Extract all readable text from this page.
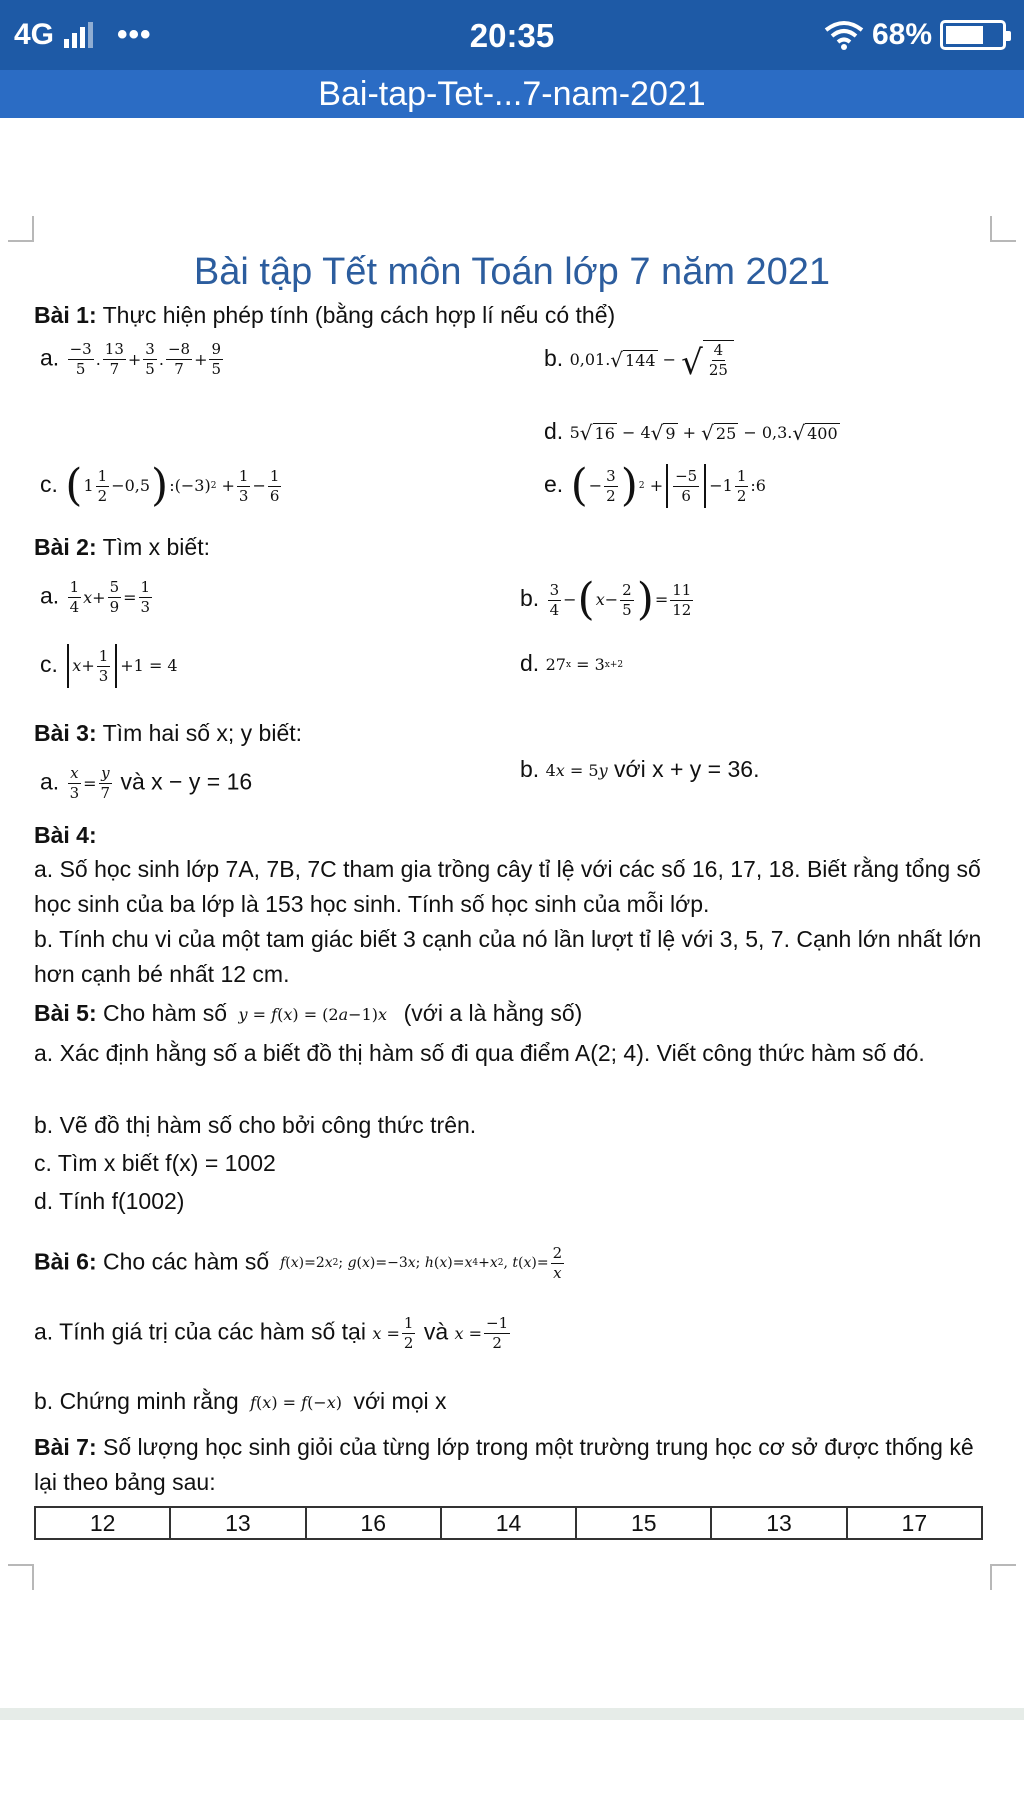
4G •••	20:35	68%
Bai-tap-Tet-...7-nam-2021
Bài tập Tết môn Toán lớp 7 năm 2021
Bài 1: Thực hiện phép tính (bằng cách hợp lí nếu có thể)
a. $\frac{-3}{5}$ . $\frac{13}{7} + \frac{3}{5}$ . $\frac{-8}{7} + \frac{9}{5}$	b. 0,01. √ 144 − √ $\frac{4}{25}$
d. 5 √ 16 − 4 √ 9 + √ 25 − 0,3. √ 400
c. ( $1 \frac{1}{2} -0,5$ ) :(−3) $2 + \frac{1}{3} - \frac{1}{6}$	e. ( − $\frac{3}{2}$ ) $2 + \frac{-5}{6} -1 \frac{1}{2}$ :6
Bài 2: Tìm x biết:
a. $\frac{1}{4}$ $x + \frac{5}{9} = \frac{1}{3}$	b. $\frac{3}{4}$ − ( $x - \frac{2}{5}$ ) = $\frac{11}{12}$
c. $x + \frac{1}{3} +1 = 4$	d. 27 x = 3 x+2
Bài 3: Tìm hai số x; y biết:
a. $\frac{x}{3} = \frac{y}{7}$ và x − y = 16	b. 4 x = 5 y với x + y = 36.
Bài 4:
a. Số học sinh lớp 7A, 7B, 7C tham gia trồng cây tỉ lệ với các số 16, 17, 18. Biết rằng tổng số học sinh của ba lớp là 153 học sinh. Tính số học sinh của mỗi lớp.
b. Tính chu vi của một tam giác biết 3 cạnh của nó lần lượt tỉ lệ với 3, 5, 7. Cạnh lớn nhất lớn hơn cạnh bé nhất 12 cm.
Bài 5: Cho hàm số y = f ( x ) = (2 a −1) x (với a là hằng số)
a. Xác định hằng số a biết đồ thị hàm số đi qua điểm A(2; 4). Viết công thức hàm số đó.
b. Vẽ đồ thị hàm số cho bởi công thức trên.
c. Tìm x biết f(x) = 1002
d. Tính f(1002)
Bài 6: Cho các hàm số f ( x )=2 x 2 ; g ( x )=−3 x ; h ( x )= x 4 + x 2 , t ( x )= $\frac{2}{x}$
a. Tính giá trị của các hàm số tại $x = \frac{1}{2}$ và $x = \frac{-1}{2}$
b. Chứng minh rằng f ( x ) = f (− x )  với mọi x
Bài 7: Số lượng học sinh giỏi của từng lớp trong một trường trung học cơ sở được thống kê lại theo bảng sau:
12	13	16	14	15	13	17
